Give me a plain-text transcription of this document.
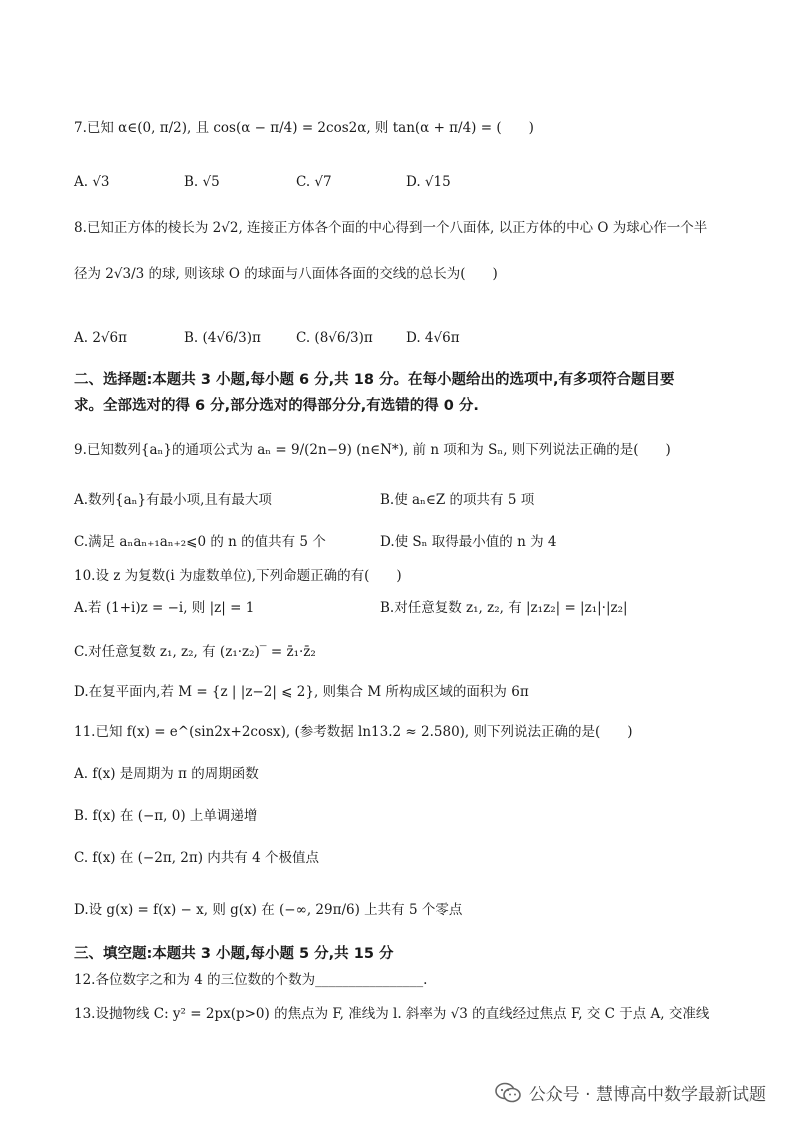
7.已知 α∈(0, π/2), 且 cos(α − π/4) = 2cos2α, 则 tan(α + π/4) = (　　)
A. √3	B. √5	C. √7	D. √15
8.已知正方体的棱长为 2√2, 连接正方体各个面的中心得到一个八面体, 以正方体的中心 O 为球心作一个半
径为 2√3/3 的球, 则该球 O 的球面与八面体各面的交线的总长为(　　)
A. 2√6π	B. (4√6/3)π	C. (8√6/3)π D. 4√6π
二、选择题:本题共 3 小题,每小题 6 分,共 18 分。在每小题给出的选项中,有多项符合题目要
求。全部选对的得 6 分,部分选对的得部分分,有选错的得 0 分.
9.已知数列{aₙ}的通项公式为 aₙ = 9/(2n−9) (n∈N*), 前 n 项和为 Sₙ, 则下列说法正确的是(　　)
A.数列{aₙ}有最小项,且有最大项	B.使 aₙ∈Z 的项共有 5 项
C.满足 aₙaₙ₊₁aₙ₊₂⩽0 的 n 的值共有 5 个	D.使 Sₙ 取得最小值的 n 为 4
10.设 z 为复数(i 为虚数单位),下列命题正确的有(　　)
A.若 (1+i)z = −i, 则 |z| = 1	B.对任意复数 z₁, z₂, 有 |z₁z₂| = |z₁|·|z₂|
C.对任意复数 z₁, z₂, 有 (z₁·z₂)‾ = z̄₁·z̄₂
D.在复平面内,若 M = {z | |z−2| ⩽ 2}, 则集合 M 所构成区域的面积为 6π
11.已知 f(x) = e^(sin2x+2cosx), (参考数据 ln13.2 ≈ 2.580), 则下列说法正确的是(　　)
A. f(x) 是周期为 π 的周期函数
B. f(x) 在 (−π, 0) 上单调递增
C. f(x) 在 (−2π, 2π) 内共有 4 个极值点
D.设 g(x) = f(x) − x, 则 g(x) 在 (−∞, 29π/6) 上共有 5 个零点
三、填空题:本题共 3 小题,每小题 5 分,共 15 分
12.各位数字之和为 4 的三位数的个数为________________.
13.设抛物线 C: y² = 2px(p>0) 的焦点为 F, 准线为 l. 斜率为 √3 的直线经过焦点 F, 交 C 于点 A, 交准线
公众号 · 慧博高中数学最新试题
